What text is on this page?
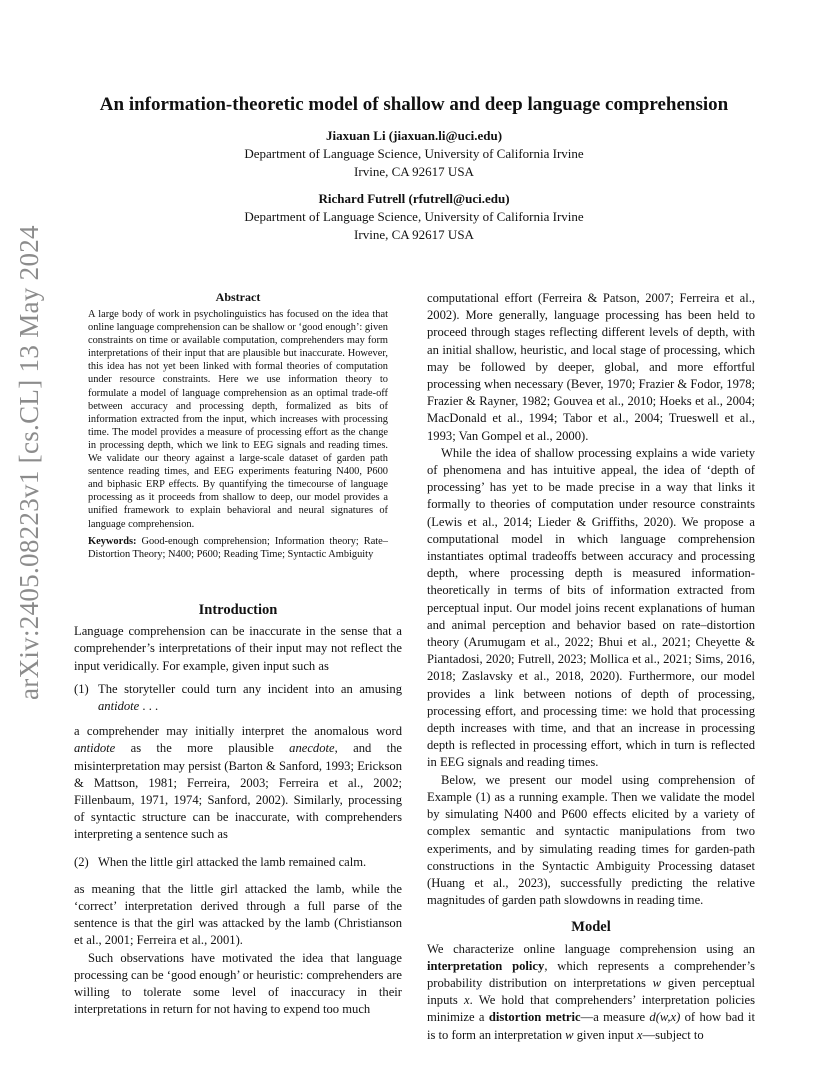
arXiv:2405.08223v1 [cs.CL] 13 May 2024
An information-theoretic model of shallow and deep language comprehension
Jiaxuan Li (jiaxuan.li@uci.edu)
Department of Language Science, University of California Irvine
Irvine, CA 92617 USA
Richard Futrell (rfutrell@uci.edu)
Department of Language Science, University of California Irvine
Irvine, CA 92617 USA
Abstract

A large body of work in psycholinguistics has focused on the idea that online language comprehension can be shallow or ‘good enough’: given constraints on time or available computation, comprehenders may form interpretations of their input that are plausible but inaccurate. However, this idea has not yet been linked with formal theories of computation under resource constraints. Here we use information theory to formulate a model of language comprehension as an optimal trade-off between accuracy and processing depth, formalized as bits of information extracted from the input, which increases with processing time. The model provides a measure of processing effort as the change in processing depth, which we link to EEG signals and reading times. We validate our theory against a large-scale dataset of garden path sentence reading times, and EEG experiments featuring N400, P600 and biphasic ERP effects. By quantifying the timecourse of language processing as it proceeds from shallow to deep, our model provides a unified framework to explain behavioral and neural signatures of language comprehension.

Keywords: Good-enough comprehension; Information theory; Rate–Distortion Theory; N400; P600; Reading Time; Syntactic Ambiguity

Introduction

Language comprehension can be inaccurate in the sense that a comprehender’s interpretations of their input may not reflect the input veridically. For example, given input such as

(1) The storyteller could turn any incident into an amusing antidote . . .

a comprehender may initially interpret the anomalous word antidote as the more plausible anecdote, and the misinterpretation may persist (Barton & Sanford, 1993; Erickson & Mattson, 1981; Ferreira, 2003; Ferreira et al., 2002; Fillenbaum, 1971, 1974; Sanford, 2002). Similarly, processing of syntactic structure can be inaccurate, with comprehenders interpreting a sentence such as

(2) When the little girl attacked the lamb remained calm.

as meaning that the little girl attacked the lamb, while the ‘correct’ interpretation derived through a full parse of the sentence is that the girl was attacked by the lamb (Christianson et al., 2001; Ferreira et al., 2001).

Such observations have motivated the idea that language processing can be ‘good enough’ or heuristic: comprehenders are willing to tolerate some level of inaccuracy in their interpretations in return for not having to expend too much

computational effort (Ferreira & Patson, 2007; Ferreira et al., 2002). More generally, language processing has been held to proceed through stages reflecting different levels of depth, with an initial shallow, heuristic, and local stage of processing, which may be followed by deeper, global, and more effortful processing when necessary (Bever, 1970; Frazier & Fodor, 1978; Frazier & Rayner, 1982; Gouvea et al., 2010; Hoeks et al., 2004; MacDonald et al., 1994; Tabor et al., 2004; Trueswell et al., 1993; Van Gompel et al., 2000).

While the idea of shallow processing explains a wide variety of phenomena and has intuitive appeal, the idea of ‘depth of processing’ has yet to be made precise in a way that links it formally to theories of computation under resource constraints (Lewis et al., 2014; Lieder & Griffiths, 2020). We propose a computational model in which language comprehension instantiates optimal tradeoffs between accuracy and processing depth, where processing depth is measured information-theoretically in terms of bits of information extracted from perceptual input. Our model joins recent explanations of human and animal perception and behavior based on rate–distortion theory (Arumugam et al., 2022; Bhui et al., 2021; Cheyette & Piantadosi, 2020; Futrell, 2023; Mollica et al., 2021; Sims, 2016, 2018; Zaslavsky et al., 2018, 2020). Furthermore, our model provides a link between notions of depth of processing, processing effort, and processing time: we hold that processing depth increases with time, and that an increase in processing depth is reflected in processing effort, which in turn is reflected in EEG signals and reading times.

Below, we present our model using comprehension of Example (1) as a running example. Then we validate the model by simulating N400 and P600 effects elicited by a variety of complex semantic and syntactic manipulations from two experiments, and by simulating reading times for garden-path constructions in the Syntactic Ambiguity Processing dataset (Huang et al., 2023), successfully predicting the relative magnitudes of garden path slowdowns in reading time.

Model

We characterize online language comprehension using an interpretation policy, which represents a comprehender’s probability distribution on interpretations w given perceptual inputs x. We hold that comprehenders’ interpretation policies minimize a distortion metric—a measure d(w,x) of how bad it is to form an interpretation w given input x—subject to
